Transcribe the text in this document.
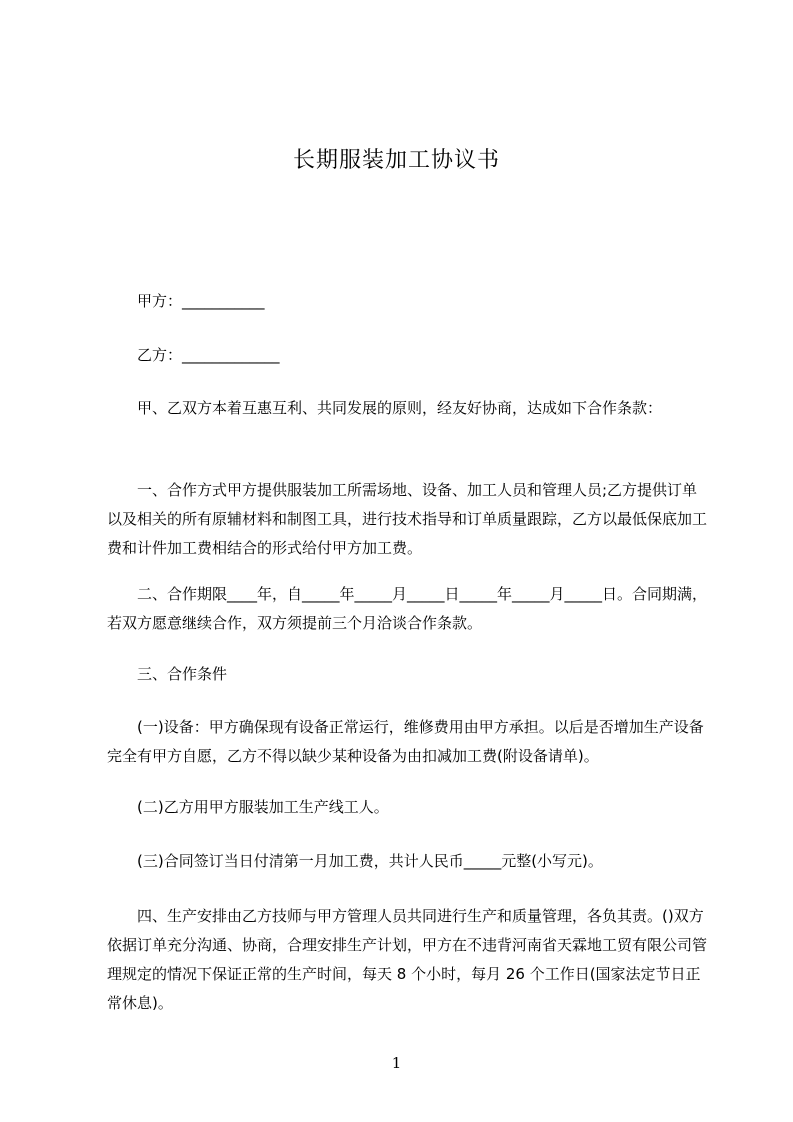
长期服装加工协议书
甲方：___________
乙方：_____________
甲、乙双方本着互惠互利、共同发展的原则，经友好协商，达成如下合作条款：
一、合作方式甲方提供服装加工所需场地、设备、加工人员和管理人员;乙方提供订单以及相关的所有原辅材料和制图工具，进行技术指导和订单质量跟踪，乙方以最低保底加工费和计件加工费相结合的形式给付甲方加工费。
二、合作期限____年，自_____年_____月_____日_____年_____月_____日。合同期满，若双方愿意继续合作，双方须提前三个月洽谈合作条款。
三、合作条件
(一)设备：甲方确保现有设备正常运行，维修费用由甲方承担。以后是否增加生产设备完全有甲方自愿，乙方不得以缺少某种设备为由扣减加工费(附设备请单)。
(二)乙方用甲方服装加工生产线工人。
(三)合同签订当日付清第一月加工费，共计人民币_____元整(小写元)。
四、生产安排由乙方技师与甲方管理人员共同进行生产和质量管理，各负其责。()双方依据订单充分沟通、协商，合理安排生产计划，甲方在不违背河南省天霖地工贸有限公司管理规定的情况下保证正常的生产时间，每天 8 个小时，每月 26 个工作日(国家法定节日正常休息)。
1
